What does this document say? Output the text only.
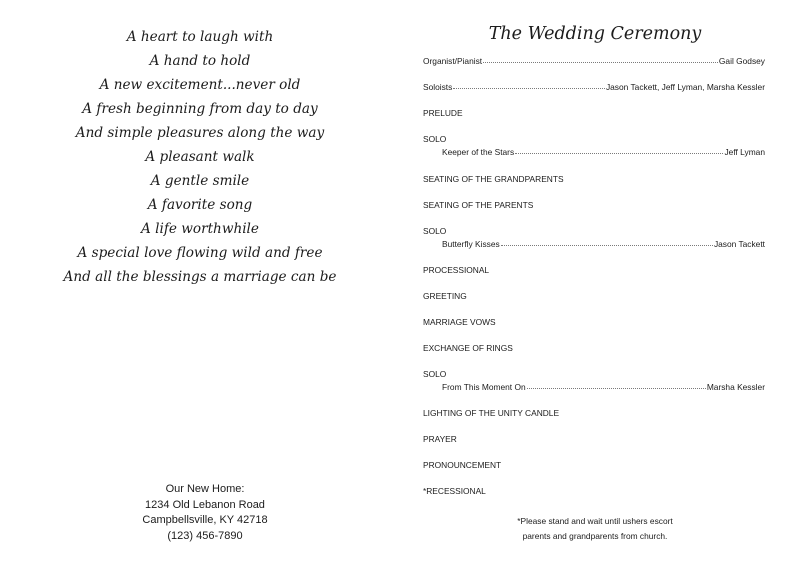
A heart to laugh with
A hand to hold
A new excitement...never old
A fresh beginning from day to day
And simple pleasures along the way
A pleasant walk
A gentle smile
A favorite song
A life worthwhile
A special love flowing wild and free
And all the blessings a marriage can be
Our New Home:
1234 Old Lebanon Road
Campbellsville, KY 42718
(123) 456-7890
The Wedding Ceremony
Organist/Pianist	Gail Godsey
Soloists	Jason Tackett, Jeff Lyman, Marsha Kessler
PRELUDE
SOLO
Keeper of the Stars	Jeff Lyman
SEATING OF THE GRANDPARENTS
SEATING OF THE PARENTS
SOLO
Butterfly Kisses	Jason Tackett
PROCESSIONAL
GREETING
MARRIAGE VOWS
EXCHANGE OF RINGS
SOLO
From This Moment On	Marsha Kessler
LIGHTING OF THE UNITY CANDLE
PRAYER
PRONOUNCEMENT
*RECESSIONAL
*Please stand and wait until ushers escort
parents and grandparents from church.
